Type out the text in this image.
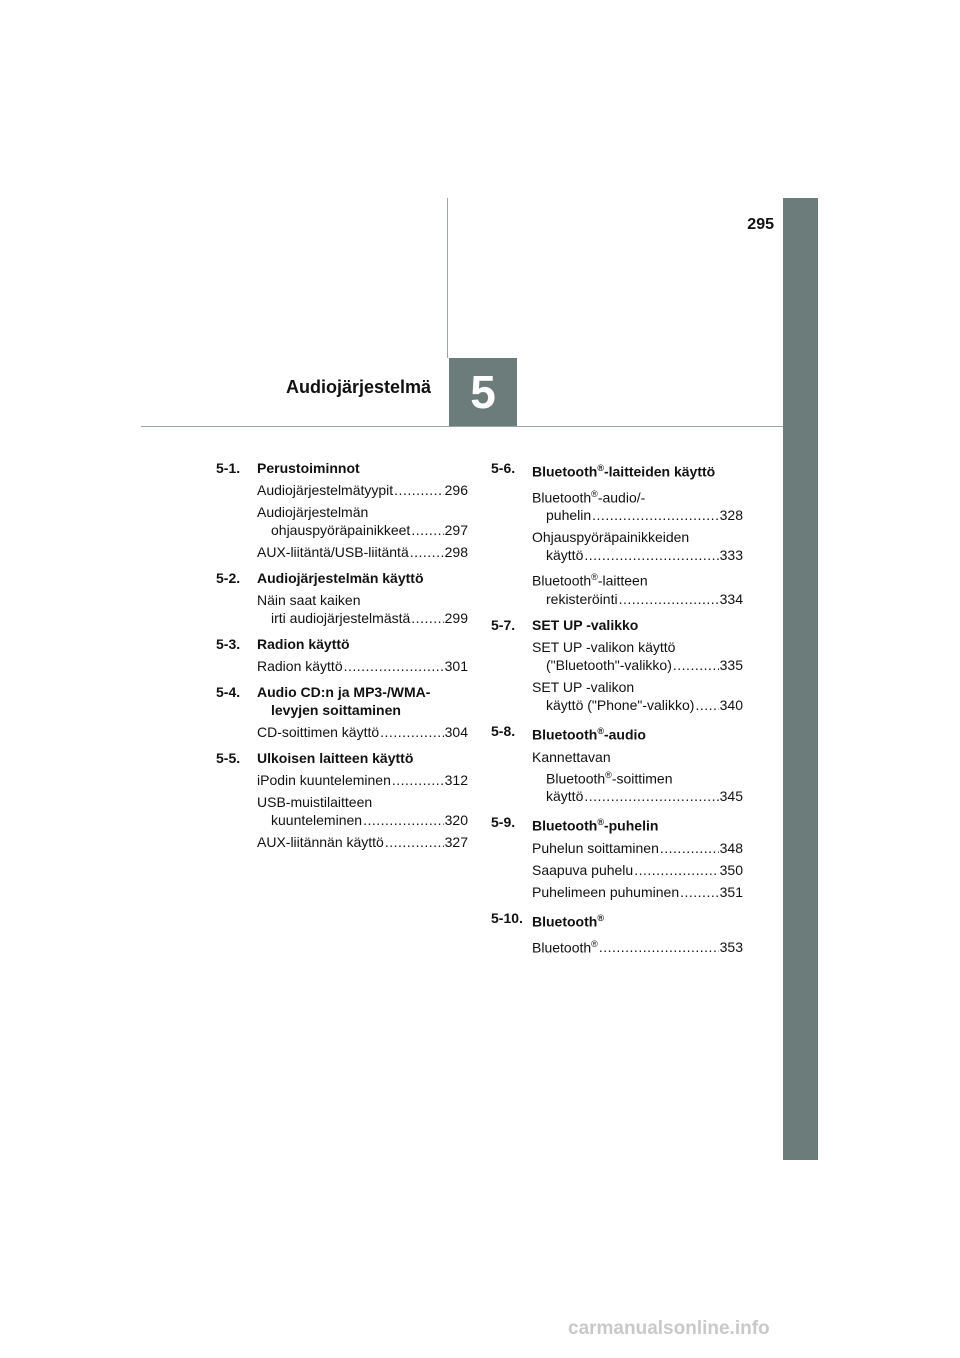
295
Audiojärjestelmä 5
5-1. Perustoiminnot
Audiojärjestelmätyypit .....	296
Audiojärjestelmän
ohjauspyöräpainikkeet ..... 297
AUX-liitäntä/USB-liitäntä .....	298
5-2. Audiojärjestelmän käyttö
Näin saat kaiken
irti audiojärjestelmästä ..... 299
5-3. Radion käyttö
Radion käyttö .....	301
5-4. Audio CD:n ja MP3-/WMA-
levyjen soittaminen
CD-soittimen käyttö .....	304
5-5. Ulkoisen laitteen käyttö
iPodin kuunteleminen .....	312
USB-muistilaitteen
kuunteleminen .....	320
AUX-liitännän käyttö .....	327
5-6. Bluetooth®-laitteiden käyttö
Bluetooth®-audio/-
puhelin .....	328
Ohjauspyöräpainikkeiden
käyttö .....	333
Bluetooth®-laitteen
rekisteröinti .....	334
5-7. SET UP -valikko
SET UP -valikon käyttö
("Bluetooth"-valikko) .....	335
SET UP -valikon
käyttö ("Phone"-valikko) ..... 340
5-8. Bluetooth®-audio
Kannettavan
Bluetooth®-soittimen
käyttö .....	345
5-9. Bluetooth®-puhelin
Puhelun soittaminen .....	348
Saapuva puhelu .....	350
Puhelimeen puhuminen .....	351
5-10. Bluetooth®
Bluetooth® .....	353
carmanualsonline.info
